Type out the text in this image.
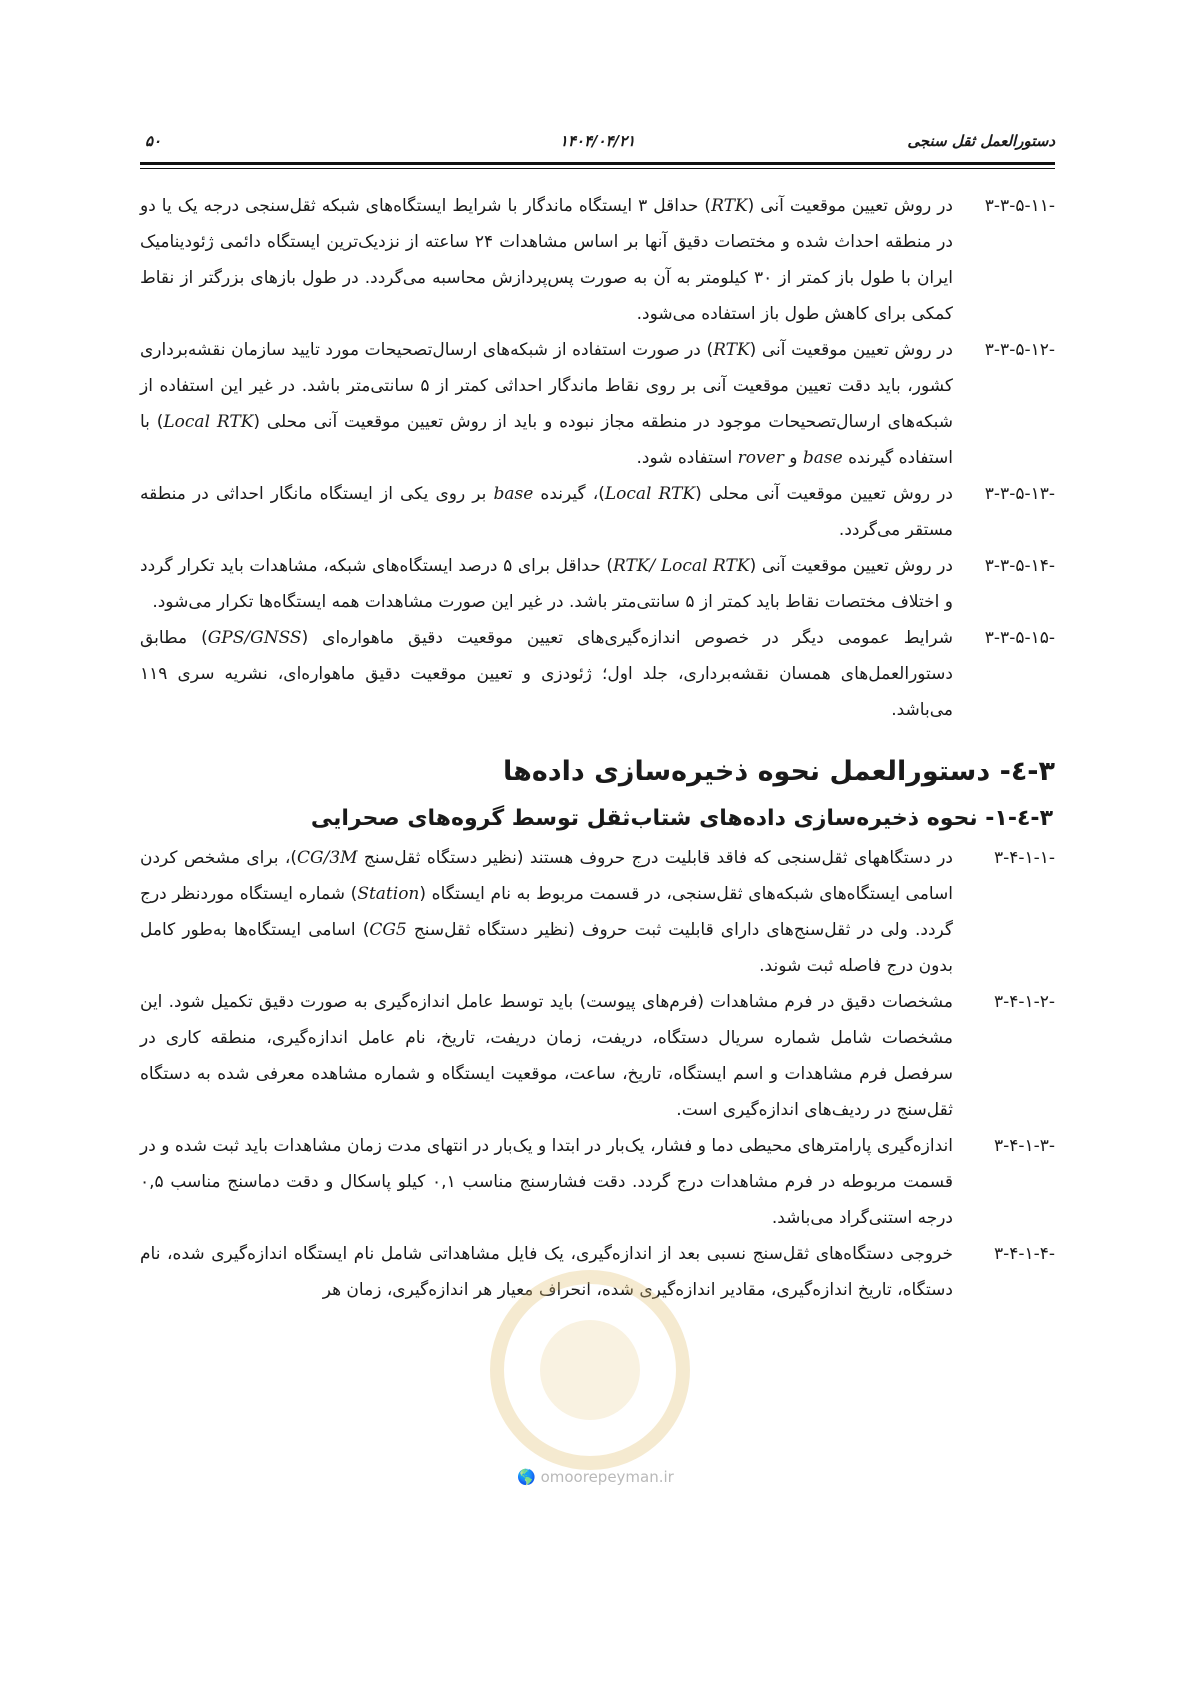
۵۰	۱۴۰۴/۰۴/۲۱	دستورالعمل ثقل سنجی
۳-۳-۵-۱۱-
در روش تعیین موقعیت آنی (RTK) حداقل ۳ ایستگاه ماندگار با شرایط ایستگاه‌های شبکه ثقل‌سنجی درجه یک یا دو در منطقه احداث شده و مختصات دقیق آنها بر اساس مشاهدات ۲۴ ساعته از نزدیک‌ترین ایستگاه دائمی ژئودینامیک ایران با طول باز کمتر از ۳۰ کیلومتر به آن به صورت پس‌پردازش محاسبه می‌گردد. در طول بازهای بزرگتر از نقاط کمکی برای کاهش طول باز استفاده می‌شود.
۳-۳-۵-۱۲-
در روش تعیین موقعیت آنی (RTK) در صورت استفاده از شبکه‌های ارسال‌تصحیحات مورد تایید سازمان نقشه‌برداری کشور، باید دقت تعیین موقعیت آنی بر روی نقاط ماندگار احداثی کمتر از ۵ سانتی‌متر باشد. در غیر این استفاده از شبکه‌های ارسال‌تصحیحات موجود در منطقه مجاز نبوده و باید از روش تعیین موقعیت آنی محلی (Local RTK) با استفاده گیرنده base و rover استفاده شود.
۳-۳-۵-۱۳-
در روش تعیین موقعیت آنی محلی (Local RTK)، گیرنده base بر روی یکی از ایستگاه مانگار احداثی در منطقه مستقر می‌گردد.
۳-۳-۵-۱۴-
در روش تعیین موقعیت آنی (RTK/ Local RTK) حداقل برای ۵ درصد ایستگاه‌های شبکه، مشاهدات باید تکرار گردد و اختلاف مختصات نقاط باید کمتر از ۵ سانتی‌متر باشد. در غیر این صورت مشاهدات همه ایستگاه‌ها تکرار می‌شود.
۳-۳-۵-۱۵-
شرایط عمومی دیگر در خصوص اندازه‌گیری‌های تعیین موقعیت دقیق ماهواره‌ای (GPS/GNSS) مطابق دستورالعمل‌های همسان نقشه‌برداری، جلد اول؛ ژئودزی و تعیین موقعیت دقیق ماهواره‌ای، نشریه سری ۱۱۹ می‌باشد.
۳-٤- دستورالعمل نحوه ذخیره‌سازی داده‌ها
۳-٤-۱- نحوه ذخیره‌سازی داده‌های شتاب‌ثقل توسط گروه‌های صحرایی
۳-۴-۱-۱-
در دستگاههای ثقل‌سنجی که فاقد قابلیت درج حروف هستند (نظیر دستگاه ثقل‌سنج CG/3M)، برای مشخص کردن اسامی ایستگاه‌های شبکه‌های ثقل‌سنجی، در قسمت مربوط به نام ایستگاه (Station) شماره ایستگاه موردنظر درج گردد. ولی در ثقل‌سنج‌های دارای قابلیت ثبت حروف (نظیر دستگاه ثقل‌سنج CG5) اسامی ایستگاه‌ها به‌طور کامل بدون درج فاصله ثبت شوند.
۳-۴-۱-۲-
مشخصات دقیق در فرم مشاهدات (فرم‌های پیوست) باید توسط عامل اندازه‌گیری به صورت دقیق تکمیل شود. این مشخصات شامل شماره سریال دستگاه، دریفت، زمان دریفت، تاریخ، نام عامل اندازه‌گیری، منطقه کاری در سرفصل فرم مشاهدات و اسم ایستگاه، تاریخ، ساعت، موقعیت ایستگاه و شماره مشاهده معرفی شده به دستگاه ثقل‌سنج در ردیف‌های اندازه‌گیری است.
۳-۴-۱-۳-
اندازه‌گیری پارامترهای محیطی دما و فشار، یک‌بار در ابتدا و یک‌بار در انتهای مدت زمان مشاهدات باید ثبت شده و در قسمت مربوطه در فرم مشاهدات درج گردد. دقت فشارسنج مناسب ۰,۱ کیلو پاسکال و دقت دماسنج مناسب ۰,۵ درجه استنی‌گراد می‌باشد.
۳-۴-۱-۴-
خروجی دستگاه‌های ثقل‌سنج نسبی بعد از اندازه‌گیری، یک فایل مشاهداتی شامل نام ایستگاه اندازه‌گیری شده، نام دستگاه، تاریخ اندازه‌گیری، مقادیر اندازه‌گیری شده، انحراف معیار هر اندازه‌گیری، زمان هر
🌎 omoorepeyman.ir
